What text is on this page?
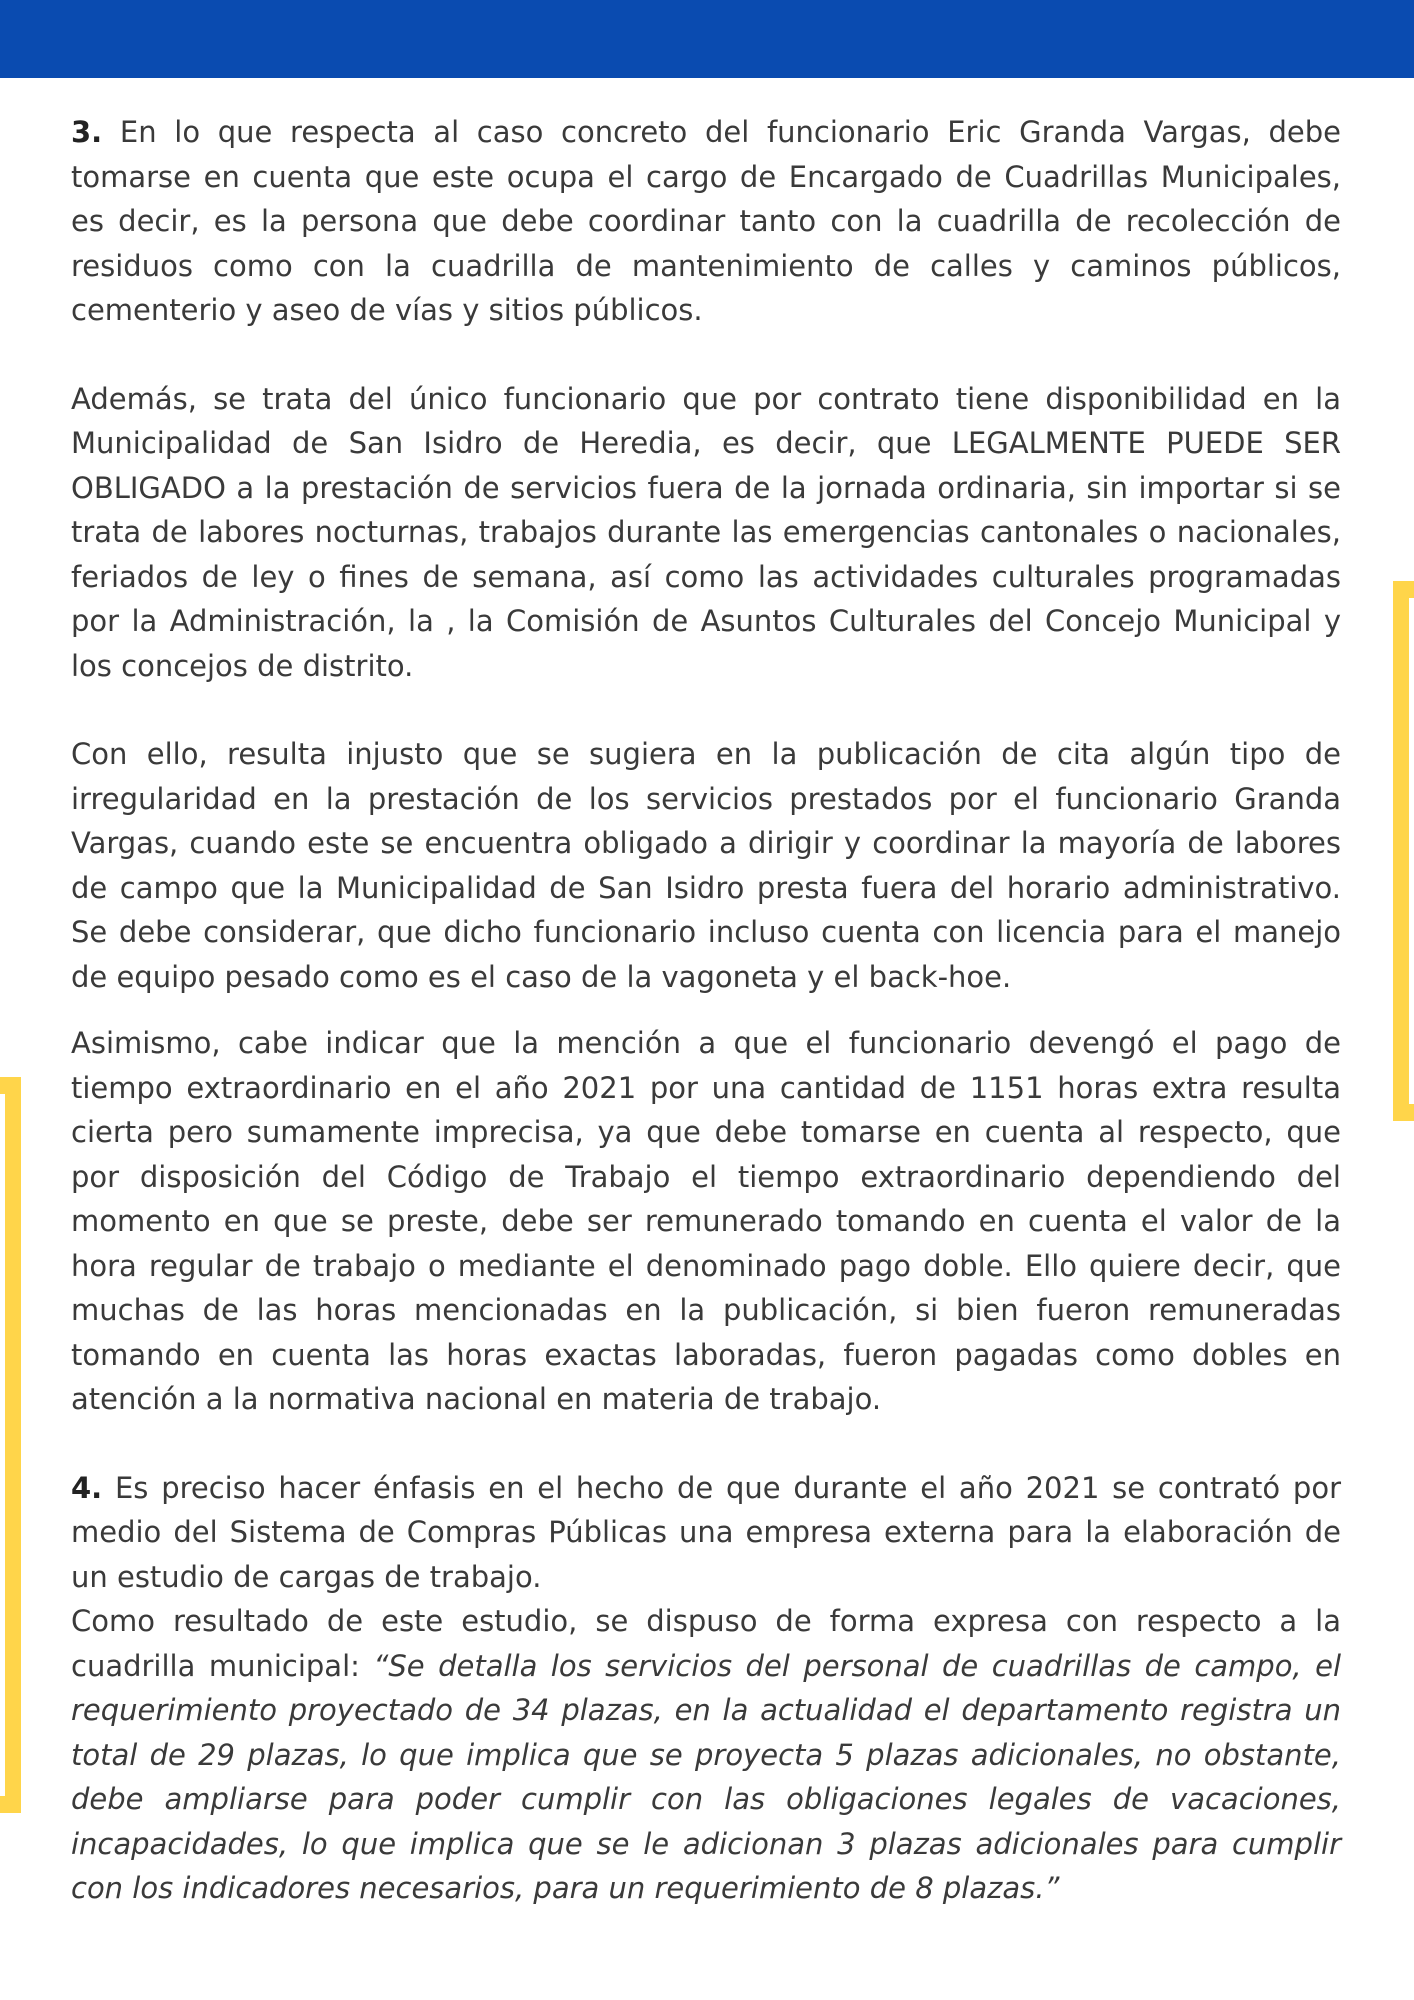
3. En lo que respecta al caso concreto del funcionario Eric Granda Vargas, debe tomarse en cuenta que este ocupa el cargo de Encargado de Cuadrillas Municipales, es decir, es la persona que debe coordinar tanto con la cuadrilla de recolección de residuos como con la cuadrilla de mantenimiento de calles y caminos públicos, cementerio y aseo de vías y sitios públicos.

Además, se trata del único funcionario que por contrato tiene disponibilidad en la Municipalidad de San Isidro de Heredia, es decir, que LEGALMENTE PUEDE SER OBLIGADO a la prestación de servicios fuera de la jornada ordinaria, sin importar si se trata de labores nocturnas, trabajos durante las emergencias cantonales o nacionales, feriados de ley o fines de semana, así como las actividades culturales programadas por la Administración, la , la Comisión de Asuntos Culturales del Concejo Municipal y los concejos de distrito.

Con ello, resulta injusto que se sugiera en la publicación de cita algún tipo de irregularidad en la prestación de los servicios prestados por el funcionario Granda Vargas, cuando este se encuentra obligado a dirigir y coordinar la mayoría de labores de campo que la Municipalidad de San Isidro presta fuera del horario administrativo. Se debe considerar, que dicho funcionario incluso cuenta con licencia para el manejo de equipo pesado como es el caso de la vagoneta y el back-hoe.

Asimismo, cabe indicar que la mención a que el funcionario devengó el pago de tiempo extraordinario en el año 2021 por una cantidad de 1151 horas extra resulta cierta pero sumamente imprecisa, ya que debe tomarse en cuenta al respecto, que por disposición del Código de Trabajo el tiempo extraordinario dependiendo del momento en que se preste, debe ser remunerado tomando en cuenta el valor de la hora regular de trabajo o mediante el denominado pago doble. Ello quiere decir, que muchas de las horas mencionadas en la publicación, si bien fueron remuneradas tomando en cuenta las horas exactas laboradas, fueron pagadas como dobles en atención a la normativa nacional en materia de trabajo.

4. Es preciso hacer énfasis en el hecho de que durante el año 2021 se contrató por medio del Sistema de Compras Públicas una empresa externa para la elaboración de un estudio de cargas de trabajo.

Como resultado de este estudio, se dispuso de forma expresa con respecto a la cuadrilla municipal: “Se detalla los servicios del personal de cuadrillas de campo, el requerimiento proyectado de 34 plazas, en la actualidad el departamento registra un total de 29 plazas, lo que implica que se proyecta 5 plazas adicionales, no obstante, debe ampliarse para poder cumplir con las obligaciones legales de vacaciones, incapacidades, lo que implica que se le adicionan 3 plazas adicionales para cumplir con los indicadores necesarios, para un requerimiento de 8 plazas.”
